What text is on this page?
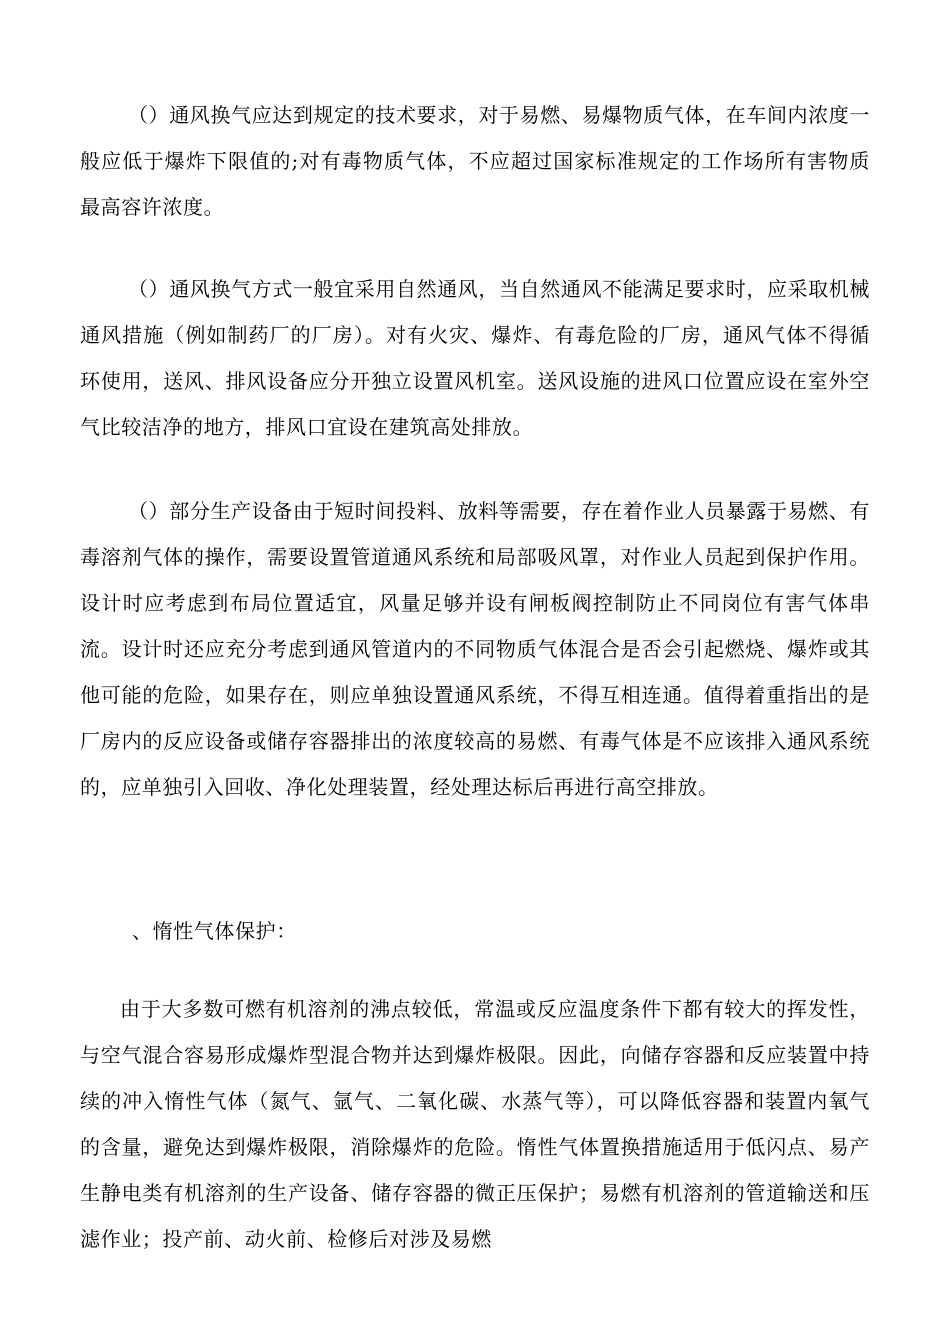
（）通风换气应达到规定的技术要求，对于易燃、易爆物质气体，在车间内浓度一般应低于爆炸下限值的;对有毒物质气体，不应超过国家标准规定的工作场所有害物质最高容许浓度。

（）通风换气方式一般宜采用自然通风，当自然通风不能满足要求时，应采取机械通风措施（例如制药厂的厂房）。对有火灾、爆炸、有毒危险的厂房，通风气体不得循环使用，送风、排风设备应分开独立设置风机室。送风设施的进风口位置应设在室外空气比较洁净的地方，排风口宜设在建筑高处排放。

（）部分生产设备由于短时间投料、放料等需要，存在着作业人员暴露于易燃、有毒溶剂气体的操作，需要设置管道通风系统和局部吸风罩，对作业人员起到保护作用。设计时应考虑到布局位置适宜，风量足够并设有闸板阀控制防止不同岗位有害气体串流。设计时还应充分考虑到通风管道内的不同物质气体混合是否会引起燃烧、爆炸或其他可能的危险，如果存在，则应单独设置通风系统，不得互相连通。值得着重指出的是厂房内的反应设备或储存容器排出的浓度较高的易燃、有毒气体是不应该排入通风系统的，应单独引入回收、净化处理装置，经处理达标后再进行高空排放。

、惰性气体保护：

由于大多数可燃有机溶剂的沸点较低，常温或反应温度条件下都有较大的挥发性，与空气混合容易形成爆炸型混合物并达到爆炸极限。因此，向储存容器和反应装置中持续的冲入惰性气体（氮气、氩气、二氧化碳、水蒸气等），可以降低容器和装置内氧气的含量，避免达到爆炸极限，消除爆炸的危险。惰性气体置换措施适用于低闪点、易产生静电类有机溶剂的生产设备、储存容器的微正压保护；易燃有机溶剂的管道输送和压滤作业；投产前、动火前、检修后对涉及易燃
